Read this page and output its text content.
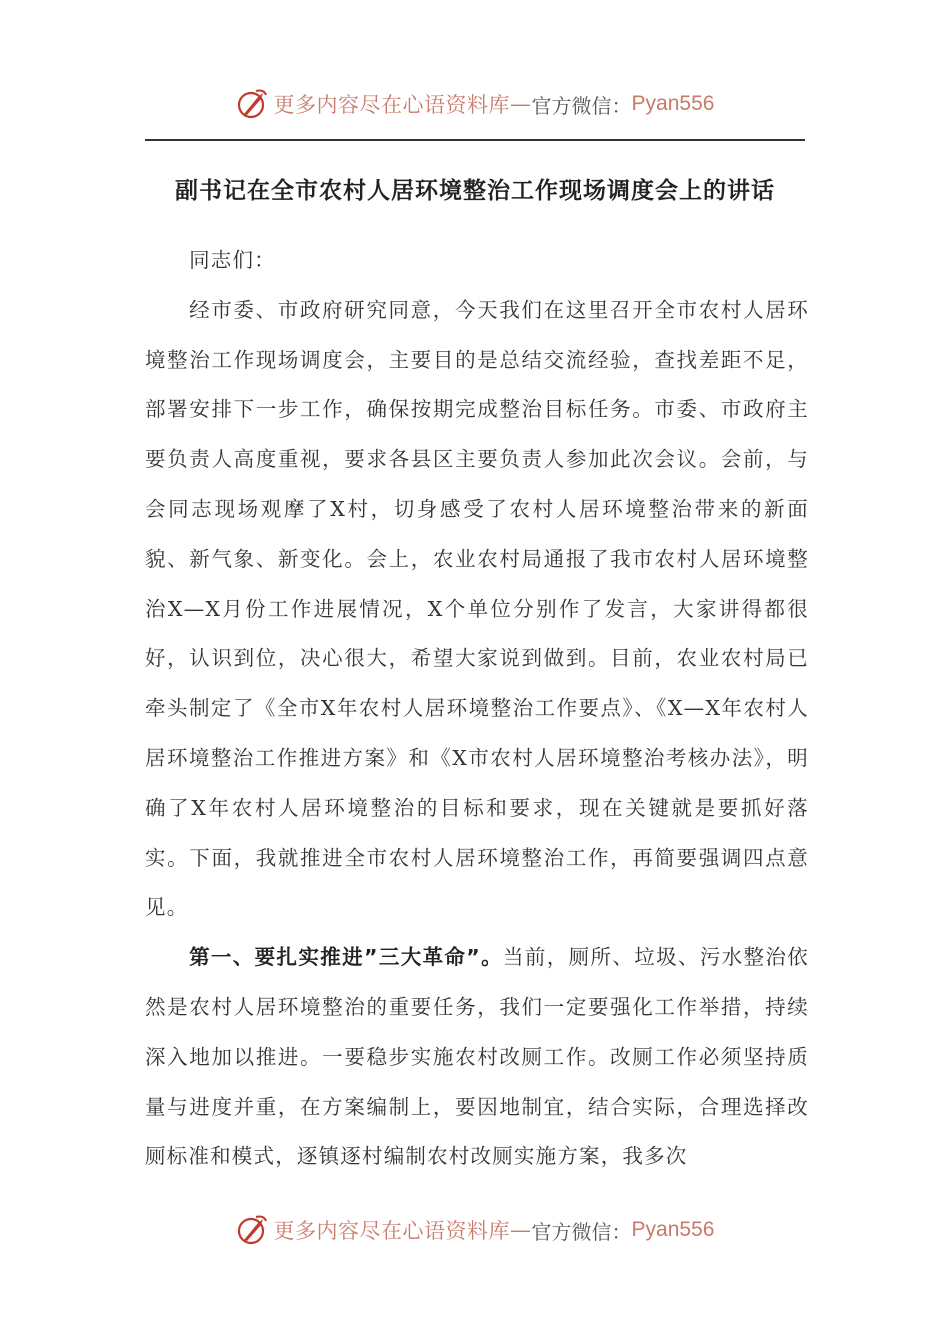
更多内容尽在心语资料库 — 官方微信： Pyan556
副书记在全市农村人居环境整治工作现场调度会上的讲话

同志们：

经市委、市政府研究同意，今天我们在这里召开全市农村人居环境整治工作现场调度会，主要目的是总结交流经验，查找差距不足，部署安排下一步工作，确保按期完成整治目标任务。市委、市政府主要负责人高度重视，要求各县区主要负责人参加此次会议。会前，与会同志现场观摩了X村，切身感受了农村人居环境整治带来的新面貌、新气象、新变化。会上，农业农村局通报了我市农村人居环境整治X—X月份工作进展情况，X个单位分别作了发言，大家讲得都很好，认识到位，决心很大，希望大家说到做到。目前，农业农村局已牵头制定了《全市X年农村人居环境整治工作要点》、《X—X年农村人居环境整治工作推进方案》和《X市农村人居环境整治考核办法》，明确了X年农村人居环境整治的目标和要求，现在关键就是要抓好落实。下面，我就推进全市农村人居环境整治工作，再简要强调四点意见。

第一、要扎实推进”三大革命”。当前，厕所、垃圾、污水整治依然是农村人居环境整治的重要任务，我们一定要强化工作举措，持续深入地加以推进。一要稳步实施农村改厕工作。改厕工作必须坚持质量与进度并重，在方案编制上，要因地制宜，结合实际，合理选择改厕标准和模式，逐镇逐村编制农村改厕实施方案，我多次

更多内容尽在心语资料库 — 官方微信： Pyan556
